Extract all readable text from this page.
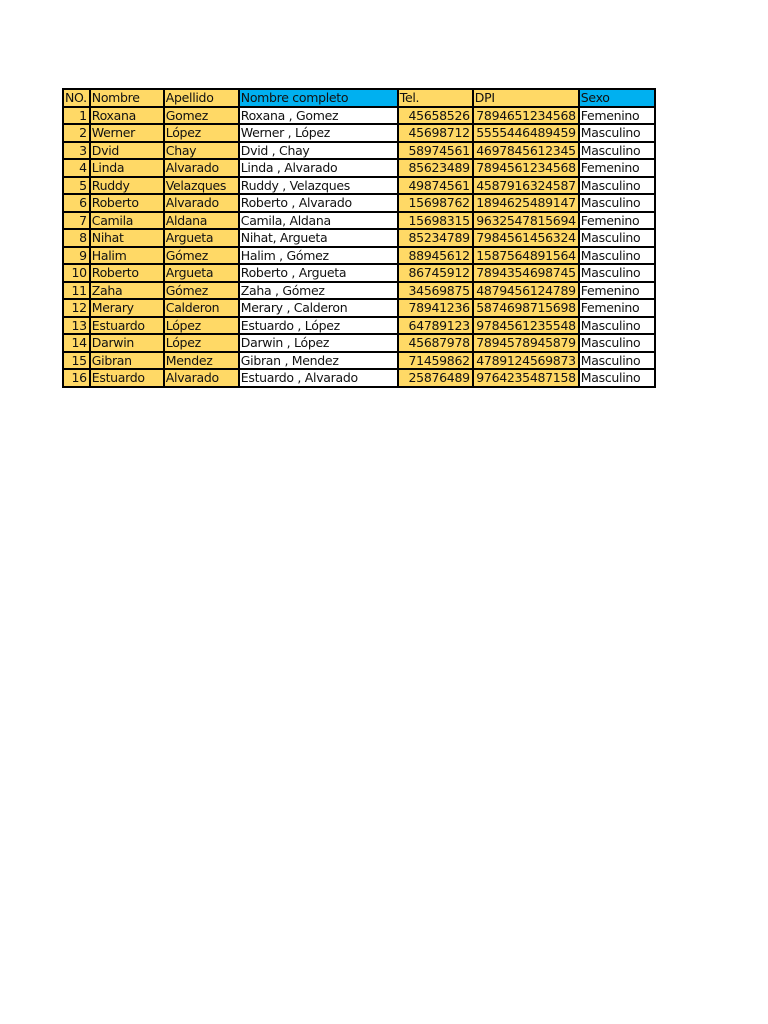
NO.	Nombre	Apellido	Nombre completo	Tel.	DPI	Sexo
1	Roxana	Gomez	Roxana , Gomez	45658526	7894651234568	Femenino
2	Werner	López	Werner , López	45698712	5555446489459	Masculino
3	Dvid	Chay	Dvid , Chay	58974561	4697845612345	Masculino
4	Linda	Alvarado	Linda , Alvarado	85623489	7894561234568	Femenino
5	Ruddy	Velazques	Ruddy , Velazques	49874561	4587916324587	Masculino
6	Roberto	Alvarado	Roberto , Alvarado	15698762	1894625489147	Masculino
7	Camila	Aldana	Camila, Aldana	15698315	9632547815694	Femenino
8	Nihat	Argueta	Nihat, Argueta	85234789	7984561456324	Masculino
9	Halim	Gómez	Halim , Gómez	88945612	1587564891564	Masculino
10	Roberto	Argueta	Roberto , Argueta	86745912	7894354698745	Masculino
11	Zaha	Gómez	Zaha , Gómez	34569875	4879456124789	Femenino
12	Merary	Calderon	Merary , Calderon	78941236	5874698715698	Femenino
13	Estuardo	López	Estuardo , López	64789123	9784561235548	Masculino
14	Darwin	López	Darwin , López	45687978	7894578945879	Masculino
15	Gibran	Mendez	Gibran , Mendez	71459862	4789124569873	Masculino
16	Estuardo	Alvarado	Estuardo , Alvarado	25876489	9764235487158	Masculino
